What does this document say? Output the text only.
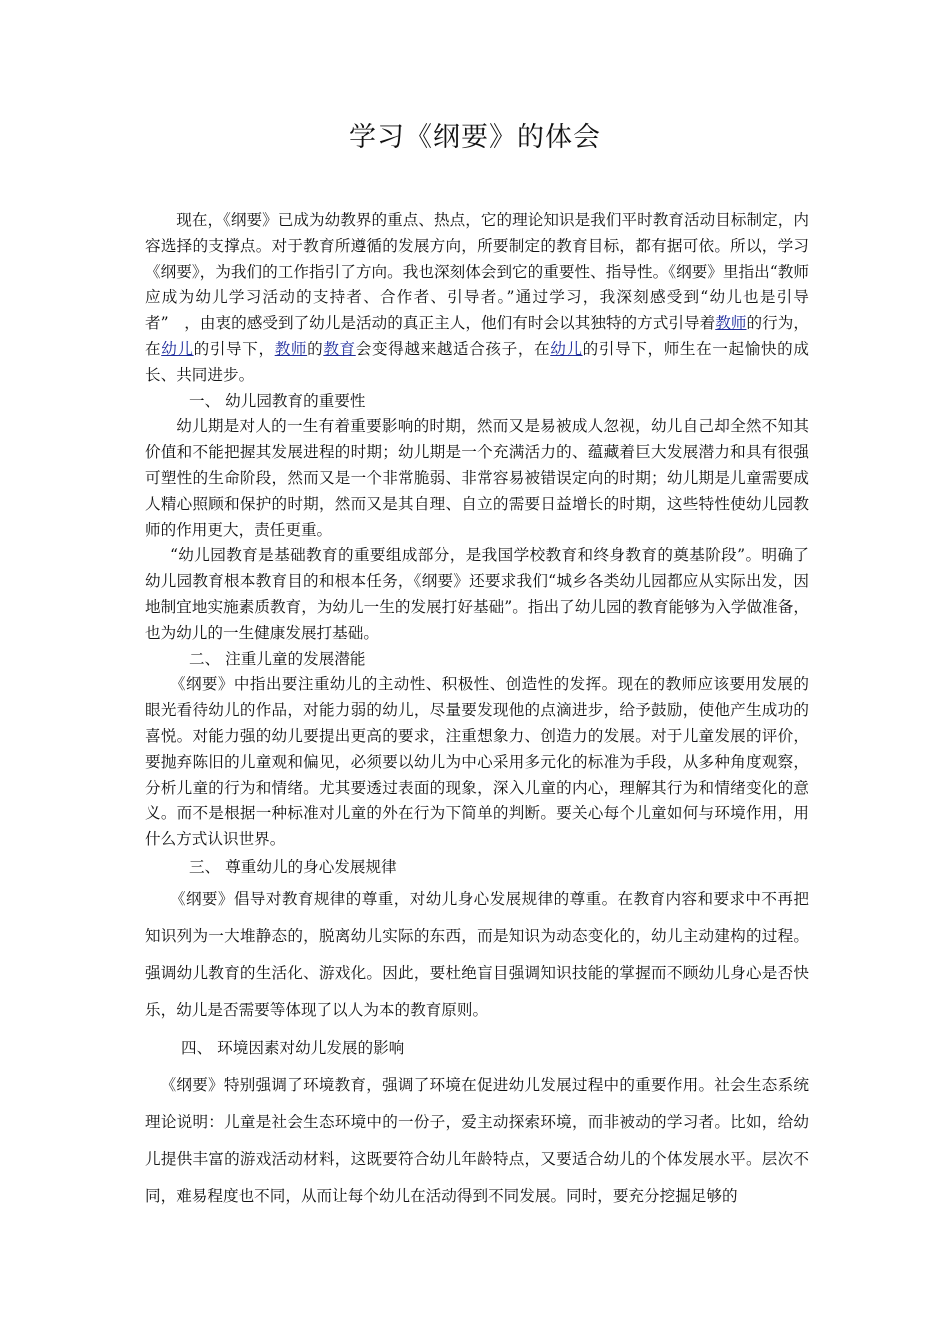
学习《纲要》的体会

现在，《纲要》已成为幼教界的重点、热点，它的理论知识是我们平时教育活动目标制定，内容选择的支撑点。对于教育所遵循的发展方向，所要制定的教育目标，都有据可依。所以，学习《纲要》，为我们的工作指引了方向。我也深刻体会到它的重要性、指导性。《纲要》里指出“教师应成为幼儿学习活动的支持者、合作者、引导者。”通过学习，我深刻感受到“幼儿也是引导者”　，由衷的感受到了幼儿是活动的真正主人，他们有时会以其独特的方式引导着教师的行为，在幼儿的引导下，教师的教育会变得越来越适合孩子，在幼儿的引导下，师生在一起愉快的成长、共同进步。

一、 幼儿园教育的重要性

幼儿期是对人的一生有着重要影响的时期，然而又是易被成人忽视，幼儿自己却全然不知其价值和不能把握其发展进程的时期；幼儿期是一个充满活力的、蕴藏着巨大发展潜力和具有很强可塑性的生命阶段，然而又是一个非常脆弱、非常容易被错误定向的时期；幼儿期是儿童需要成人精心照顾和保护的时期，然而又是其自理、自立的需要日益增长的时期，这些特性使幼儿园教师的作用更大，责任更重。

“幼儿园教育是基础教育的重要组成部分，是我国学校教育和终身教育的奠基阶段”。明确了幼儿园教育根本教育目的和根本任务，《纲要》还要求我们“城乡各类幼儿园都应从实际出发，因地制宜地实施素质教育，为幼儿一生的发展打好基础”。指出了幼儿园的教育能够为入学做准备，也为幼儿的一生健康发展打基础。

二、 注重儿童的发展潜能

《纲要》中指出要注重幼儿的主动性、积极性、创造性的发挥。现在的教师应该要用发展的眼光看待幼儿的作品，对能力弱的幼儿，尽量要发现他的点滴进步，给予鼓励，使他产生成功的喜悦。对能力强的幼儿要提出更高的要求，注重想象力、创造力的发展。对于儿童发展的评价，要抛弃陈旧的儿童观和偏见，必须要以幼儿为中心采用多元化的标准为手段，从多种角度观察，分析儿童的行为和情绪。尤其要透过表面的现象，深入儿童的内心，理解其行为和情绪变化的意义。而不是根据一种标准对儿童的外在行为下简单的判断。要关心每个儿童如何与环境作用，用什么方式认识世界。

三、 尊重幼儿的身心发展规律

《纲要》倡导对教育规律的尊重，对幼儿身心发展规律的尊重。在教育内容和要求中不再把知识列为一大堆静态的，脱离幼儿实际的东西，而是知识为动态变化的，幼儿主动建构的过程。强调幼儿教育的生活化、游戏化。因此，要杜绝盲目强调知识技能的掌握而不顾幼儿身心是否快乐，幼儿是否需要等体现了以人为本的教育原则。

四、 环境因素对幼儿发展的影响

《纲要》特别强调了环境教育，强调了环境在促进幼儿发展过程中的重要作用。社会生态系统理论说明：儿童是社会生态环境中的一份子，爱主动探索环境，而非被动的学习者。比如，给幼儿提供丰富的游戏活动材料，这既要符合幼儿年龄特点，又要适合幼儿的个体发展水平。层次不同，难易程度也不同，从而让每个幼儿在活动得到不同发展。同时，要充分挖掘足够的
